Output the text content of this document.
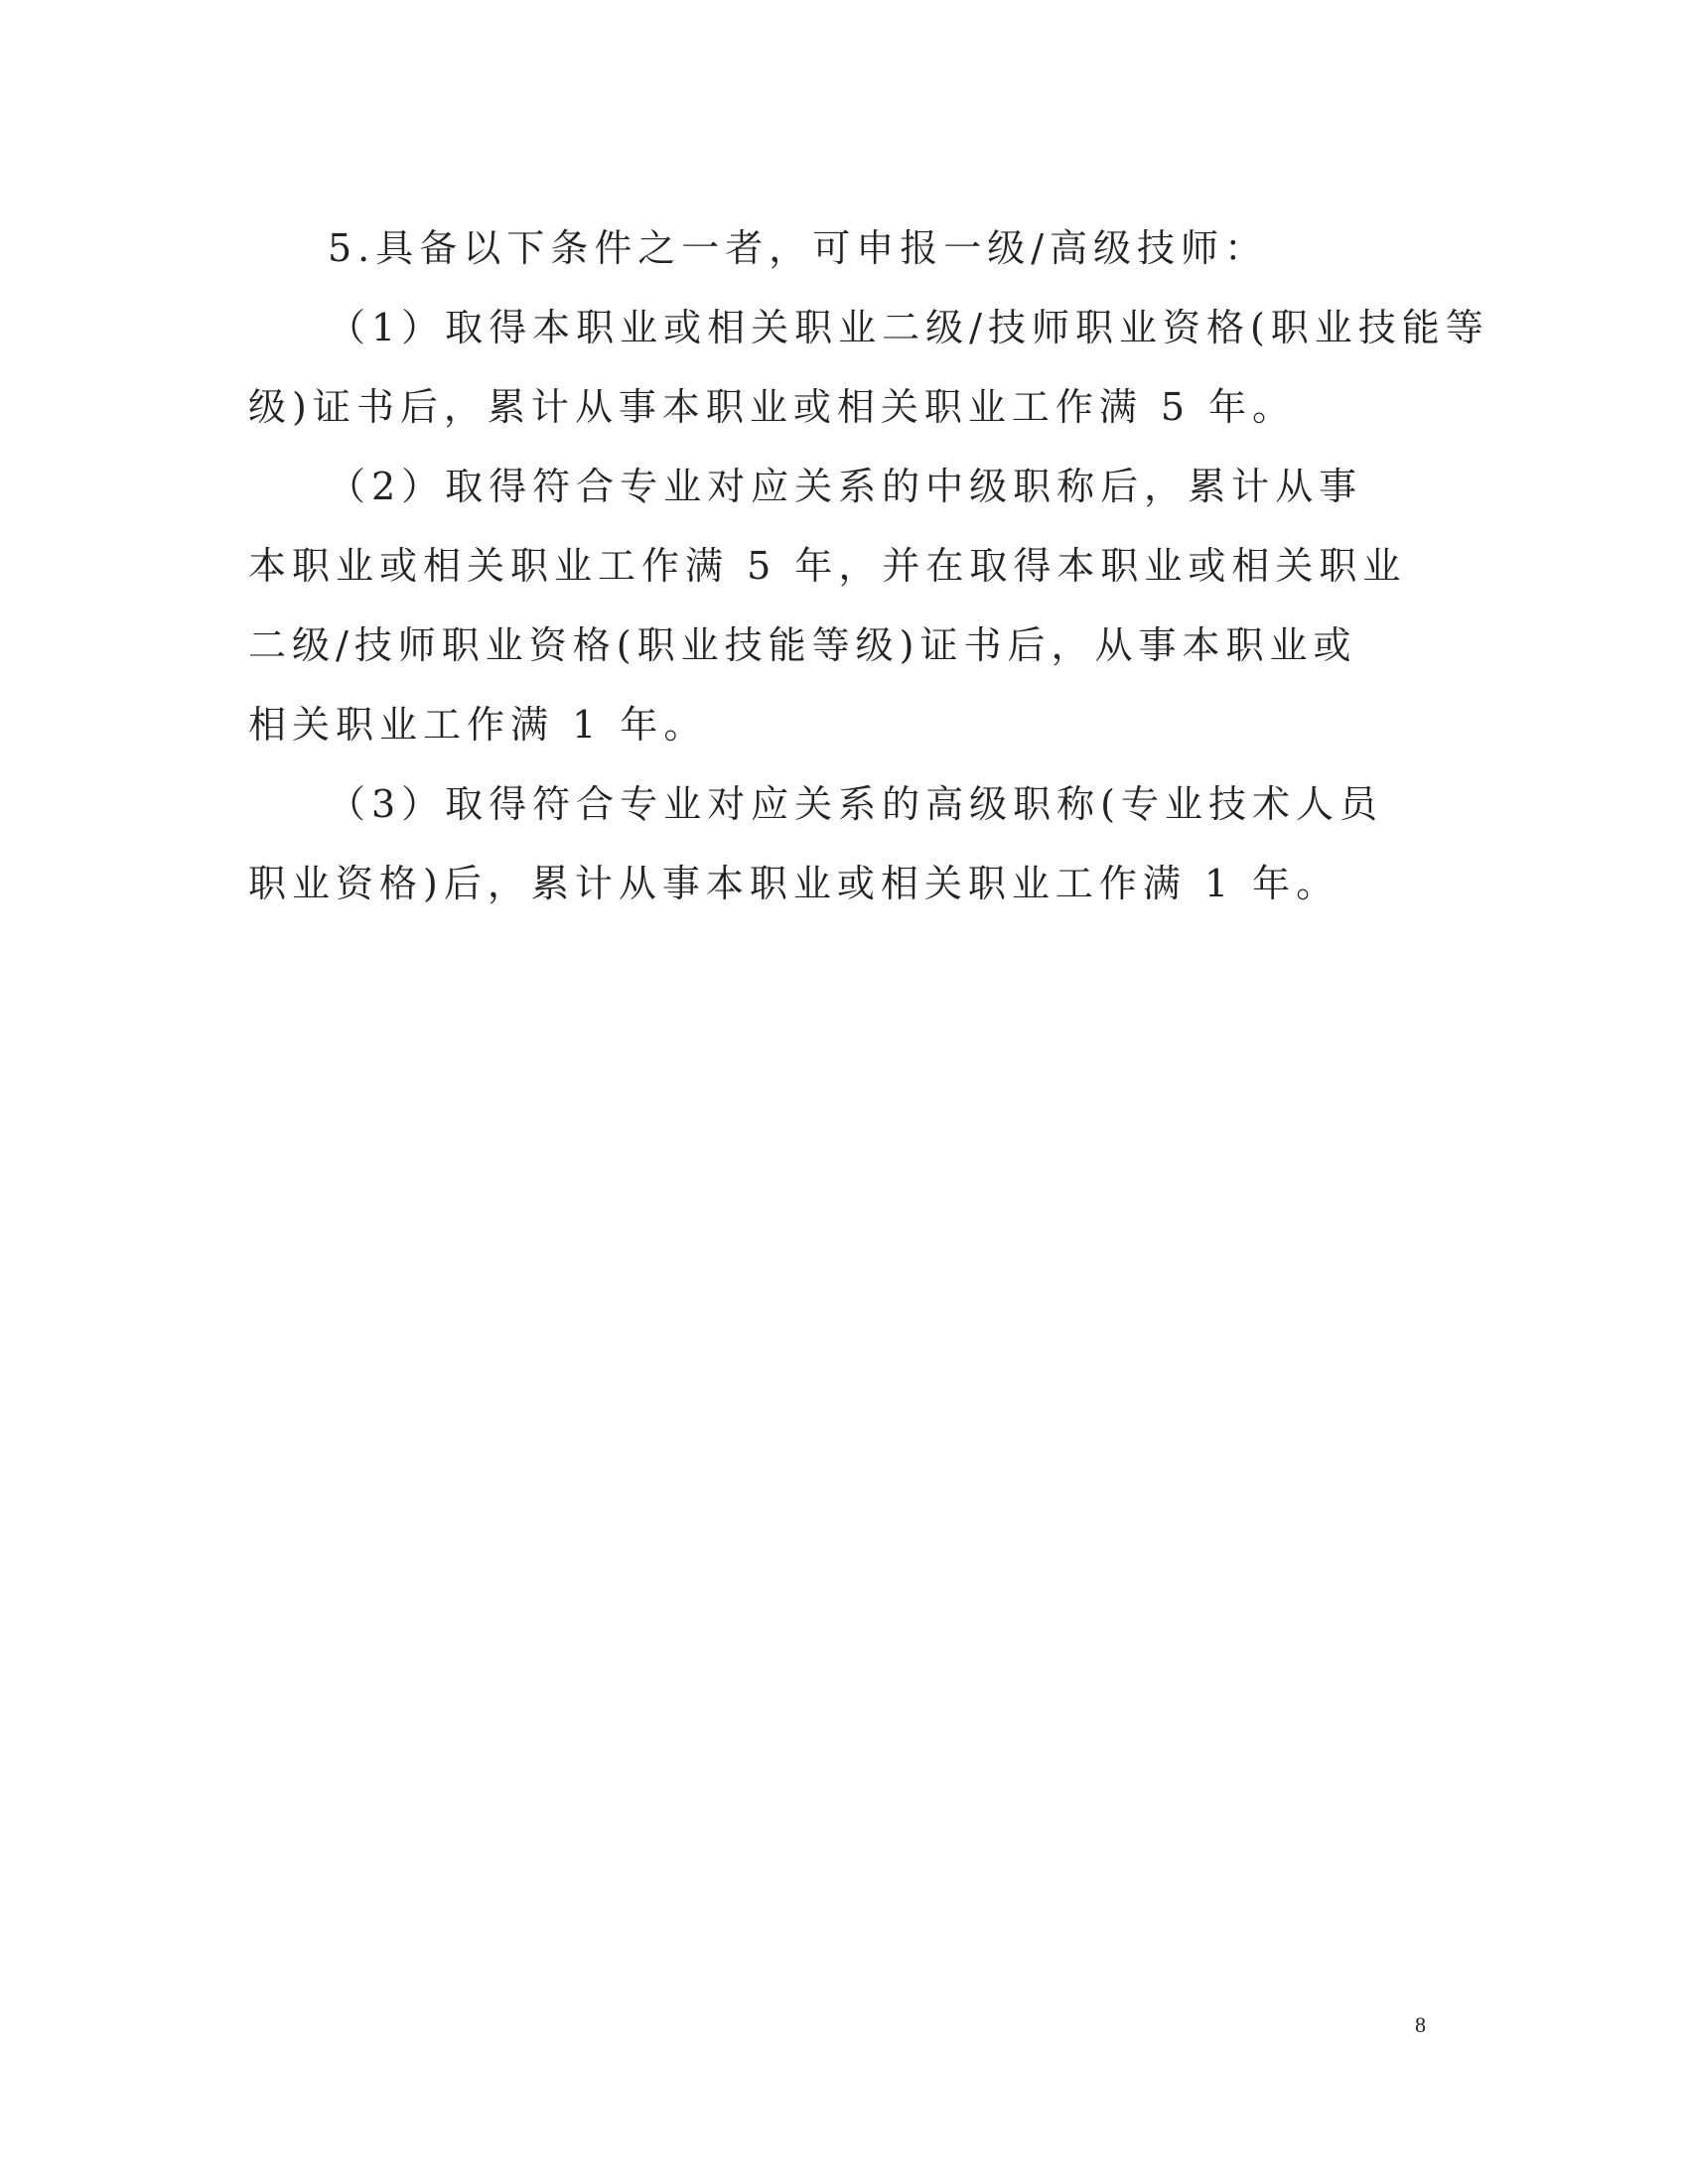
5.具备以下条件之一者，可申报一级/高级技师：
（1）取得本职业或相关职业二级/技师职业资格(职业技能等
级)证书后，累计从事本职业或相关职业工作满 5 年。
（2）取得符合专业对应关系的中级职称后，累计从事
本职业或相关职业工作满 5 年，并在取得本职业或相关职业
二级/技师职业资格(职业技能等级)证书后，从事本职业或
相关职业工作满 1 年。
（3）取得符合专业对应关系的高级职称(专业技术人员
职业资格)后，累计从事本职业或相关职业工作满 1 年。
8
